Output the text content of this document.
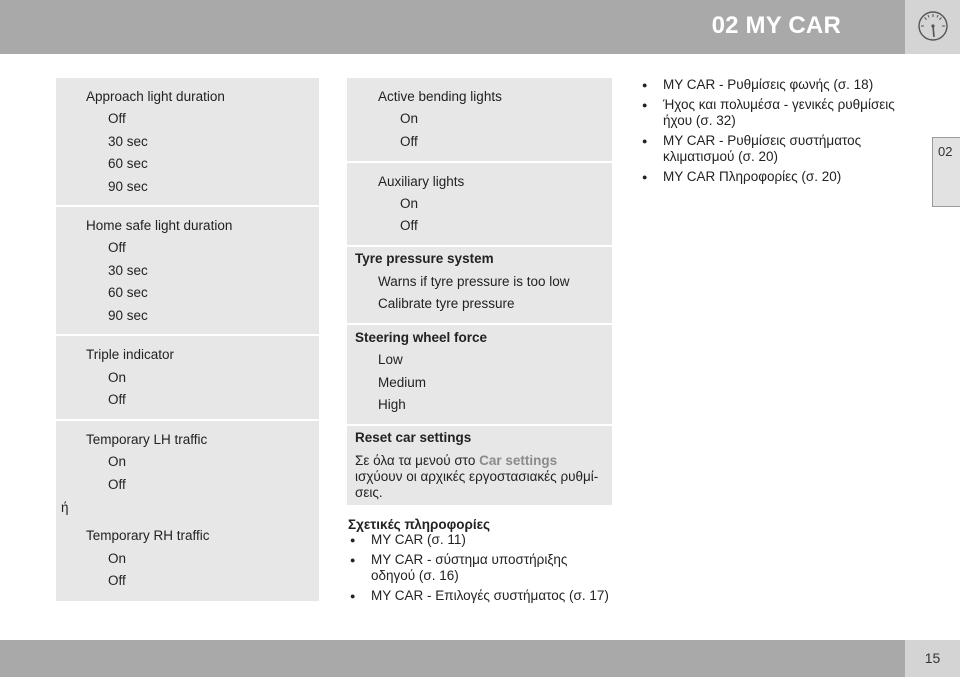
02 MY CAR
02
15
Approach light duration
Off
30 sec
60 sec
90 sec
Home safe light duration
Off
30 sec
60 sec
90 sec
Triple indicator
On
Off
Temporary LH traffic
On
Off
ή
Temporary RH traffic
On
Off
Active bending lights
On
Off
Auxiliary lights
On
Off
Tyre pressure system
Warns if tyre pressure is too low
Calibrate tyre pressure
Steering wheel force
Low
Medium
High
Reset car settings
Σε όλα τα μενού στο Car settings ισχύουν οι αρχικές εργοστασιακές ρυθμί-σεις.
Σχετικές πληροφορίες
● MY CAR (σ. 11)
● MY CAR - σύστημα υποστήριξης οδηγού (σ. 16)
● MY CAR - Επιλογές συστήματος (σ. 17)
● MY CAR - Ρυθμίσεις φωνής (σ. 18)
● Ήχος και πολυμέσα - γενικές ρυθμίσεις ήχου (σ. 32)
● MY CAR - Ρυθμίσεις συστήματος κλιματισμού (σ. 20)
● MY CAR Πληροφορίες (σ. 20)
